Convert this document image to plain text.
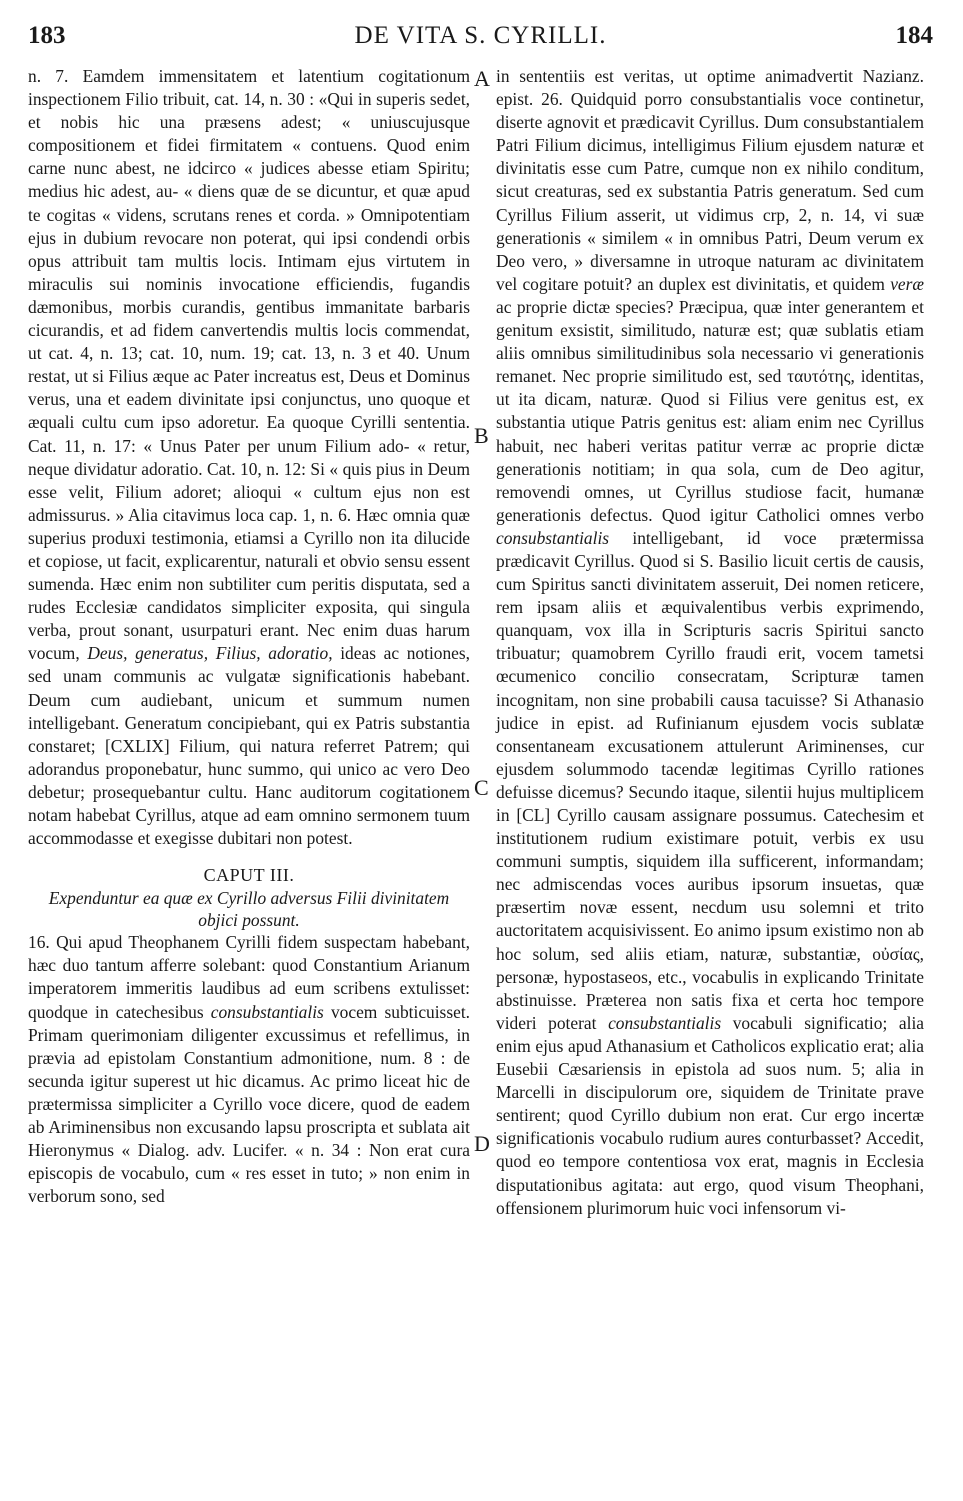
183	DE VITA S. CYRILLI.	184
A
B
C
D

n. 7. Eamdem immensitatem et latentium cogitationum inspectionem Filio tribuit, cat. 14, n. 30 : «Qui in superis sedet, et nobis hic una præsens adest; « uniuscujusque compositionem et fidei firmitatem « contuens. Quod enim carne nunc abest, ne idcirco « judices abesse etiam Spiritu; medius hic adest, au- « diens quæ de se dicuntur, et quæ apud te cogitas « videns, scrutans renes et corda. » Omnipotentiam ejus in dubium revocare non poterat, qui ipsi condendi orbis opus attribuit tam multis locis. Intimam ejus virtutem in miraculis sui nominis invocatione efficiendis, fugandis dæmonibus, morbis curandis, gentibus immanitate barbaris cicurandis, et ad fidem canvertendis multis locis commendat, ut cat. 4, n. 13; cat. 10, num. 19; cat. 13, n. 3 et 40. Unum restat, ut si Filius æque ac Pater increatus est, Deus et Dominus verus, una et eadem divinitate ipsi conjunctus, uno quoque et æquali cultu cum ipso adoretur. Ea quoque Cyrilli sententia. Cat. 11, n. 17: « Unus Pater per unum Filium ado- « retur, neque dividatur adoratio. Cat. 10, n. 12: Si « quis pius in Deum esse velit, Filium adoret; alioqui « cultum ejus non est admissurus. » Alia citavimus loca cap. 1, n. 6. Hæc omnia quæ superius produxi testimonia, etiamsi a Cyrillo non ita dilucide et copiose, ut facit, explicarentur, naturali et obvio sensu essent sumenda. Hæc enim non subtiliter cum peritis disputata, sed a rudes Ecclesiæ candidatos simpliciter exposita, qui singula verba, prout sonant, usurpaturi erant. Nec enim duas harum vocum, Deus, generatus, Filius, adoratio, ideas ac notiones, sed unam communis ac vulgatæ significationis habebant. Deum cum audiebant, unicum et summum numen intelligebant. Generatum concipiebant, qui ex Patris substantia constaret; [CXLIX] Filium, qui natura referret Patrem; qui adorandus proponebatur, hunc summo, qui unico ac vero Deo debetur; prosequebantur cultu. Hanc auditorum cogitationem notam habebat Cyrillus, atque ad eam omnino sermonem tuum accommodasse et exegisse dubitari non potest.

CAPUT III.
Expenduntur ea quæ ex Cyrillo adversus Filii divinitatem objici possunt.

16. Qui apud Theophanem Cyrilli fidem suspectam habebant, hæc duo tantum afferre solebant: quod Constantium Arianum imperatorem immeritis laudibus ad eum scribens extulisset: quodque in catechesibus consubstantialis vocem subticuisset. Primam querimoniam diligenter excussimus et refellimus, in prævia ad epistolam Constantium admonitione, num. 8 : de secunda igitur superest ut hic dicamus. Ac primo liceat hic de prætermissa simpliciter a Cyrillo voce dicere, quod de eadem ab Ariminensibus non excusando lapsu proscripta et sublata ait Hieronymus « Dialog. adv. Lucifer. « n. 34 : Non erat cura episcopis de vocabulo, cum « res esset in tuto; » non enim in verborum sono, sed

in sententiis est veritas, ut optime animadvertit Nazianz. epist. 26. Quidquid porro consubstantialis voce continetur, diserte agnovit et prædicavit Cyrillus. Dum consubstantialem Patri Filium dicimus, intelligimus Filium ejusdem naturæ et divinitatis esse cum Patre, cumque non ex nihilo conditum, sicut creaturas, sed ex substantia Patris generatum. Sed cum Cyrillus Filium asserit, ut vidimus crp, 2, n. 14, vi suæ generationis « similem « in omnibus Patri, Deum verum ex Deo vero, » diversamne in utroque naturam ac divinitatem vel cogitare potuit? an duplex est divinitatis, et quidem veræ ac proprie dictæ species? Præcipua, quæ inter generantem et genitum exsistit, similitudo, naturæ est; quæ sublatis etiam aliis omnibus similitudinibus sola necessario vi generationis remanet. Nec proprie similitudo est, sed ταυτότης, identitas, ut ita dicam, naturæ. Quod si Filius vere genitus est, ex substantia utique Patris genitus est: aliam enim nec Cyrillus habuit, nec haberi veritas patitur verræ ac proprie dictæ generationis notitiam; in qua sola, cum de Deo agitur, removendi omnes, ut Cyrillus studiose facit, humanæ generationis defectus. Quod igitur Catholici omnes verbo consubstantialis intelligebant, id voce prætermissa prædicavit Cyrillus. Quod si S. Basilio licuit certis de causis, cum Spiritus sancti divinitatem asseruit, Dei nomen reticere, rem ipsam aliis et æquivalentibus verbis exprimendo, quanquam, vox illa in Scripturis sacris Spiritui sancto tribuatur; quamobrem Cyrillo fraudi erit, vocem tametsi œcumenico concilio consecratam, Scripturæ tamen incognitam, non sine probabili causa tacuisse? Si Athanasio judice in epist. ad Rufinianum ejusdem vocis sublatæ consentaneam excusationem attulerunt Ariminenses, cur ejusdem solummodo tacendæ legitimas Cyrillo rationes defuisse dicemus? Secundo itaque, silentii hujus multiplicem in [CL] Cyrillo causam assignare possumus. Catechesim et institutionem rudium existimare potuit, verbis ex usu communi sumptis, siquidem illa sufficerent, informandam; nec admiscendas voces auribus ipsorum insuetas, quæ præsertim novæ essent, necdum usu solemni et trito auctoritatem acquisivissent. Eo animo ipsum existimo non ab hoc solum, sed aliis etiam, naturæ, substantiæ, οὐσίας, personæ, hypostaseos, etc., vocabulis in explicando Trinitate abstinuisse. Præterea non satis fixa et certa hoc tempore videri poterat consubstantialis vocabuli significatio; alia enim ejus apud Athanasium et Catholicos explicatio erat; alia Eusebii Cæsariensis in epistola ad suos num. 5; alia in Marcelli in discipulorum ore, siquidem de Trinitate prave sentirent; quod Cyrillo dubium non erat. Cur ergo incertæ significationis vocabulo rudium aures conturbasset? Accedit, quod eo tempore contentiosa vox erat, magnis in Ecclesia disputationibus agitata: aut ergo, quod visum Theophani, offensionem plurimorum huic voci infensorum vi-
